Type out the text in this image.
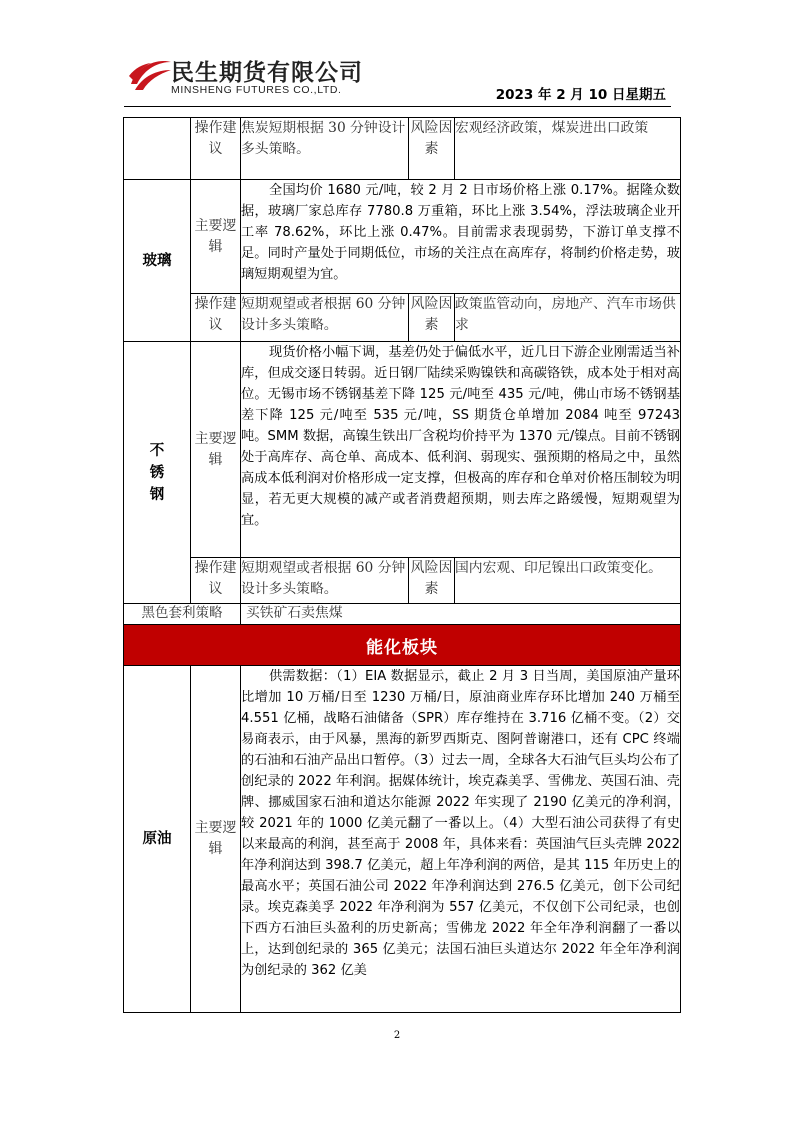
民生期货有限公司
MINSHENG FUTURES CO.,LTD.	2023 年 2 月 10 日星期五
	操作建议	焦炭短期根据 30 分钟设计多头策略。	风险因素	宏观经济政策，煤炭进出口政策
玻璃	主要逻辑	全国均价 1680 元/吨，较 2 月 2 日市场价格上涨 0.17%。据隆众数据，玻璃厂家总库存 7780.8 万重箱，环比上涨 3.54%，浮法玻璃企业开工率 78.62%，环比上涨 0.47%。目前需求表现弱势，下游订单支撑不足。同时产量处于同期低位，市场的关注点在高库存，将制约价格走势，玻璃短期观望为宜。		
	操作建议	短期观望或者根据 60 分钟设计多头策略。	风险因素	政策监管动向，房地产、汽车市场供求
不锈钢	主要逻辑	现货价格小幅下调，基差仍处于偏低水平，近几日下游企业刚需适当补库，但成交逐日转弱。近日钢厂陆续采购镍铁和高碳铬铁，成本处于相对高位。无锡市场不锈钢基差下降 125 元/吨至 435 元/吨，佛山市场不锈钢基差下降 125 元/吨至 535 元/吨，SS 期货仓单增加 2084 吨至 97243 吨。SMM 数据，高镍生铁出厂含税均价持平为 1370 元/镍点。目前不锈钢处于高库存、高仓单、高成本、低利润、弱现实、强预期的格局之中，虽然高成本低利润对价格形成一定支撑，但极高的库存和仓单对价格压制较为明显，若无更大规模的减产或者消费超预期，则去库之路缓慢，短期观望为宜。		
	操作建议	短期观望或者根据 60 分钟设计多头策略。	风险因素	国内宏观、印尼镍出口政策变化。
黑色套利策略		买铁矿石卖焦煤		
能化板块				
原油	主要逻辑	供需数据：（1）EIA 数据显示，截止 2 月 3 日当周，美国原油产量环比增加 10 万桶/日至 1230 万桶/日，原油商业库存环比增加 240 万桶至 4.551 亿桶，战略石油储备（SPR）库存维持在 3.716 亿桶不变。（2）交易商表示，由于风暴，黑海的新罗西斯克、图阿普谢港口，还有 CPC 终端的石油和石油产品出口暂停。（3）过去一周，全球各大石油气巨头均公布了创纪录的 2022 年利润。据媒体统计，埃克森美孚、雪佛龙、英国石油、壳牌、挪威国家石油和道达尔能源 2022 年实现了 2190 亿美元的净利润，较 2021 年的 1000 亿美元翻了一番以上。（4）大型石油公司获得了有史以来最高的利润，甚至高于 2008 年，具体来看：英国油气巨头壳牌 2022 年净利润达到 398.7 亿美元，超上年净利润的两倍，是其 115 年历史上的最高水平；英国石油公司 2022 年净利润达到 276.5 亿美元，创下公司纪录。埃克森美孚 2022 年净利润为 557 亿美元，不仅创下公司纪录，也创下西方石油巨头盈利的历史新高；雪佛龙 2022 年全年净利润翻了一番以上，达到创纪录的 365 亿美元；法国石油巨头道达尔 2022 年全年净利润为创纪录的 362 亿美		
2
